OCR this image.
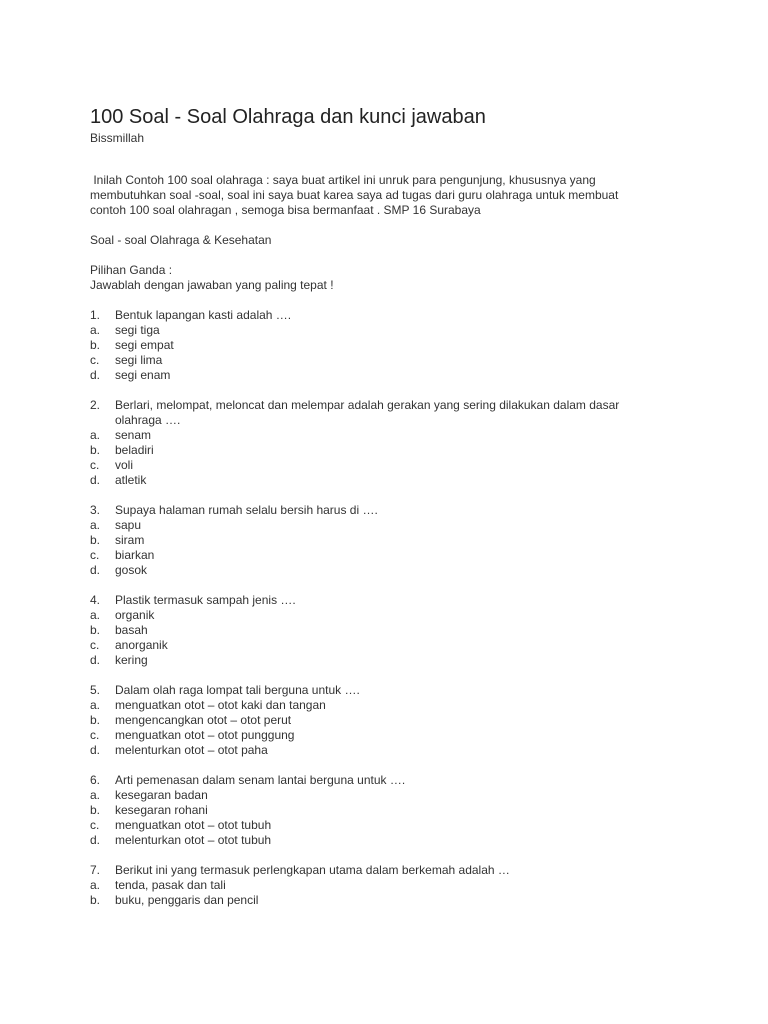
100 Soal - Soal Olahraga dan kunci jawaban
Bissmillah
Inilah Contoh 100 soal olahraga : saya buat artikel ini unruk para pengunjung, khususnya yang membutuhkan soal -soal, soal ini saya buat karea saya ad tugas dari guru olahraga untuk membuat contoh 100 soal olahragan , semoga bisa bermanfaat . SMP 16 Surabaya
Soal - soal Olahraga & Kesehatan
Pilihan Ganda :
Jawablah dengan jawaban yang paling tepat !
1.	Bentuk lapangan kasti adalah ….
a.	segi tiga
b.	segi empat
c.	segi lima
d.	segi enam
2.	Berlari, melompat, meloncat dan melempar adalah gerakan yang sering dilakukan dalam dasar olahraga ….
a.	senam
b.	beladiri
c.	voli
d.	atletik
3.	Supaya halaman rumah selalu bersih harus di ….
a.	sapu
b.	siram
c.	biarkan
d.	gosok
4.	Plastik termasuk sampah jenis ….
a.	organik
b.	basah
c.	anorganik
d.	kering
5.	Dalam olah raga lompat tali berguna untuk ….
a.	menguatkan otot – otot kaki dan tangan
b.	mengencangkan otot – otot perut
c.	menguatkan otot – otot punggung
d.	melenturkan otot – otot paha
6.	Arti pemenasan dalam senam lantai berguna untuk ….
a.	kesegaran badan
b.	kesegaran rohani
c.	menguatkan otot – otot tubuh
d.	melenturkan otot – otot tubuh
7.	Berikut ini yang termasuk perlengkapan utama dalam berkemah adalah …
a.	tenda, pasak dan tali
b.	buku, penggaris dan pencil
